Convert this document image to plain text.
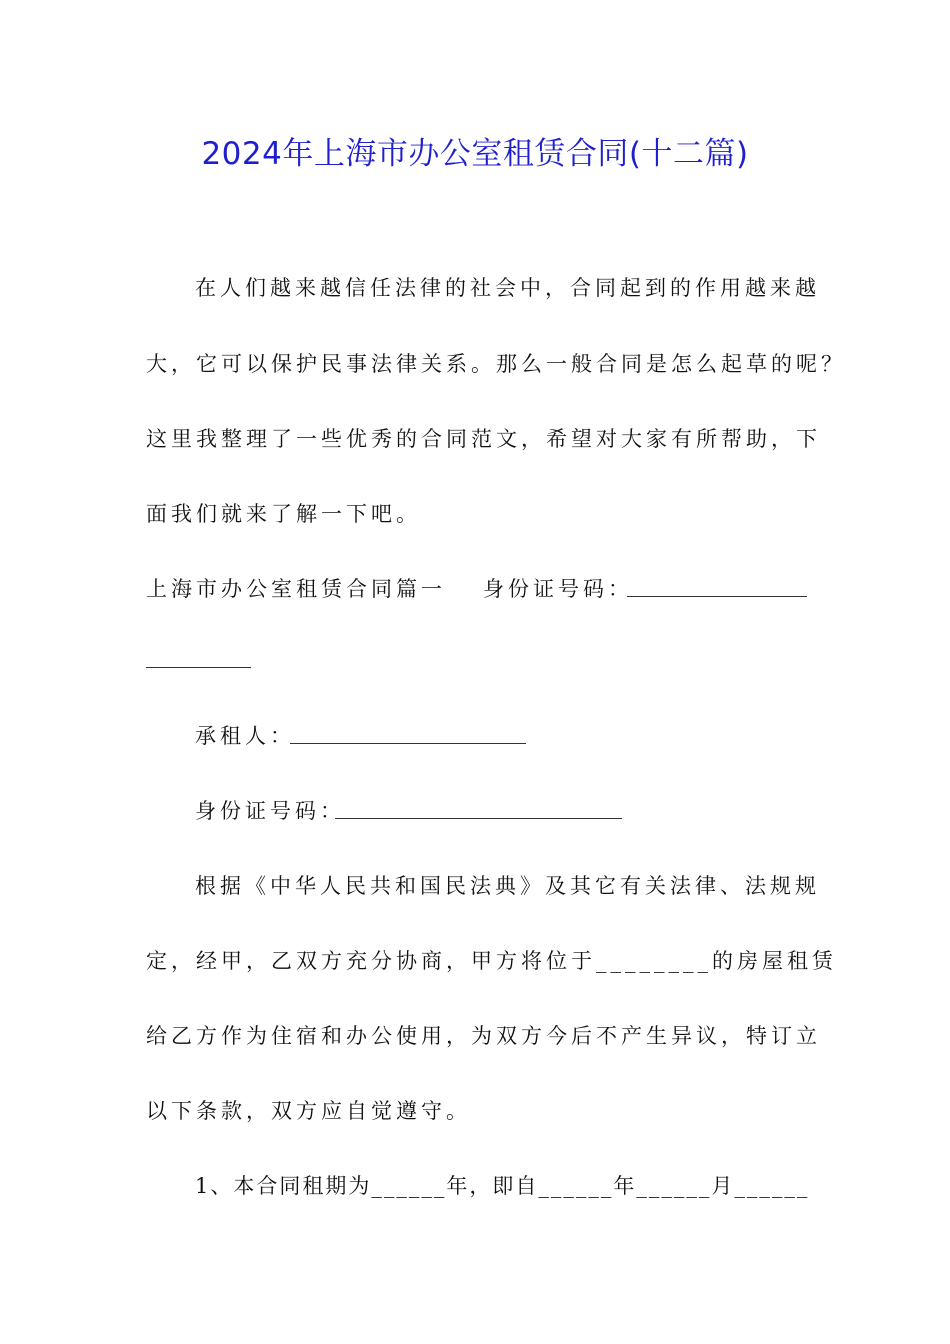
2024年上海市办公室租赁合同(十二篇)
在人们越来越信任法律的社会中，合同起到的作用越来越
大，它可以保护民事法律关系。那么一般合同是怎么起草的呢？
这里我整理了一些优秀的合同范文，希望对大家有所帮助，下
面我们就来了解一下吧。
上海市办公室租赁合同篇一 身份证号码：
承租人：
身份证号码：
根据《中华人民共和国民法典》及其它有关法律、法规规
定，经甲，乙双方充分协商，甲方将位于________的房屋租赁
给乙方作为住宿和办公使用，为双方今后不产生异议，特订立
以下条款，双方应自觉遵守。
1、本合同租期为______年，即自______年______月______
